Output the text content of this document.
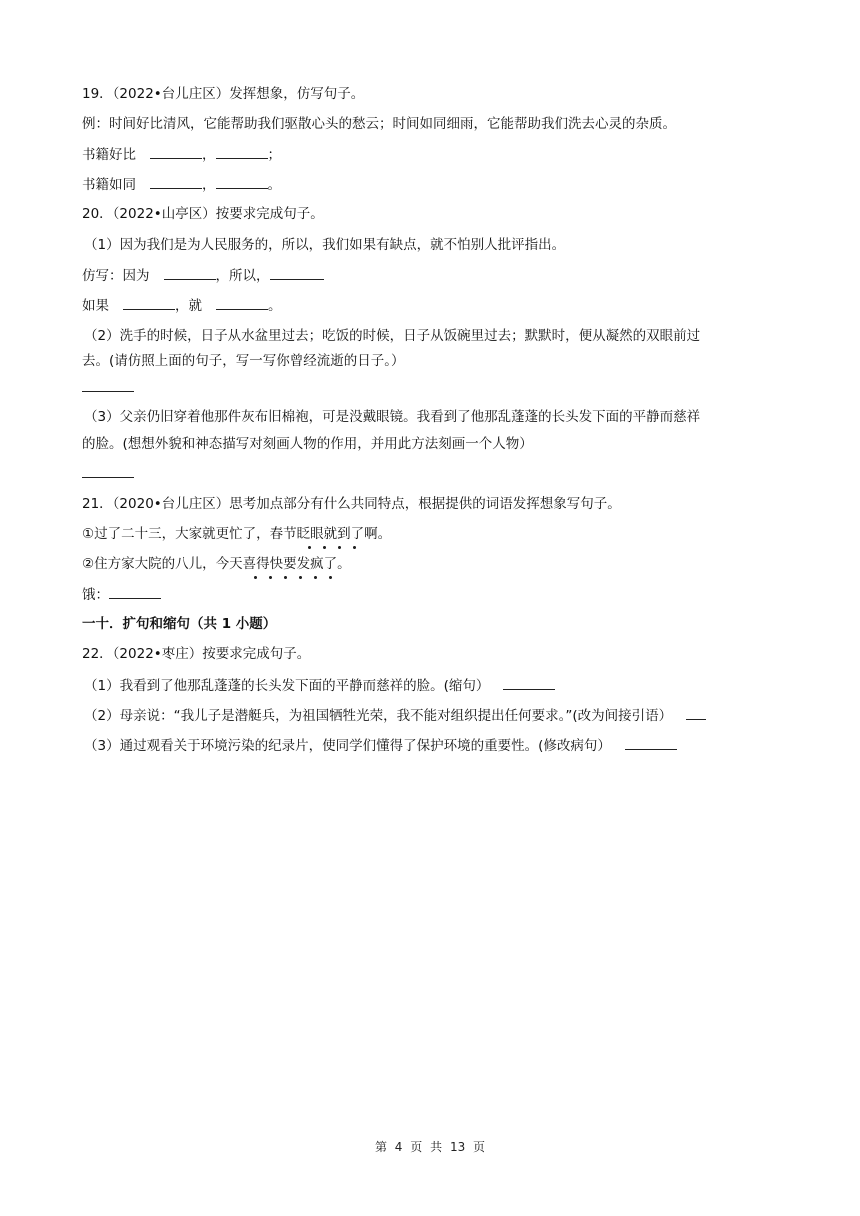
19．（2022•台儿庄区）发挥想象，仿写句子。
例：时间好比清风，它能帮助我们驱散心头的愁云；时间如同细雨，它能帮助我们洗去心灵的杂质。
书籍好比	，	；
书籍如同	，	。
20．（2022•山亭区）按要求完成句子。
（1）因为我们是为人民服务的，所以，我们如果有缺点，就不怕别人批评指出。
仿写：因为	，所以，
如果	，就	。
（2）洗手的时候，日子从水盆里过去；吃饭的时候，日子从饭碗里过去；默默时，便从凝然的双眼前过
去。(请仿照上面的句子，写一写你曾经流逝的日子。）
（3）父亲仍旧穿着他那件灰布旧棉袍，可是没戴眼镜。我看到了他那乱蓬蓬的长头发下面的平静而慈祥
的脸。(想想外貌和神态描写对刻画人物的作用，并用此方法刻画一个人物）
21．（2020•台儿庄区）思考加点部分有什么共同特点，根据提供的词语发挥想象写句子。
①过了二十三，大家就更忙了，春节眨眼就到了啊。
②住方家大院的八儿，今天喜得快要发疯了。
饿：
一十．扩句和缩句（共 1 小题）
22．（2022•枣庄）按要求完成句子。
（1）我看到了他那乱蓬蓬的长头发下面的平静而慈祥的脸。(缩句）
（2）母亲说：“我儿子是潜艇兵，为祖国牺牲光荣，我不能对组织提出任何要求。”(改为间接引语）
（3）通过观看关于环境污染的纪录片，使同学们懂得了保护环境的重要性。(修改病句）
第 4 页 共 13 页
